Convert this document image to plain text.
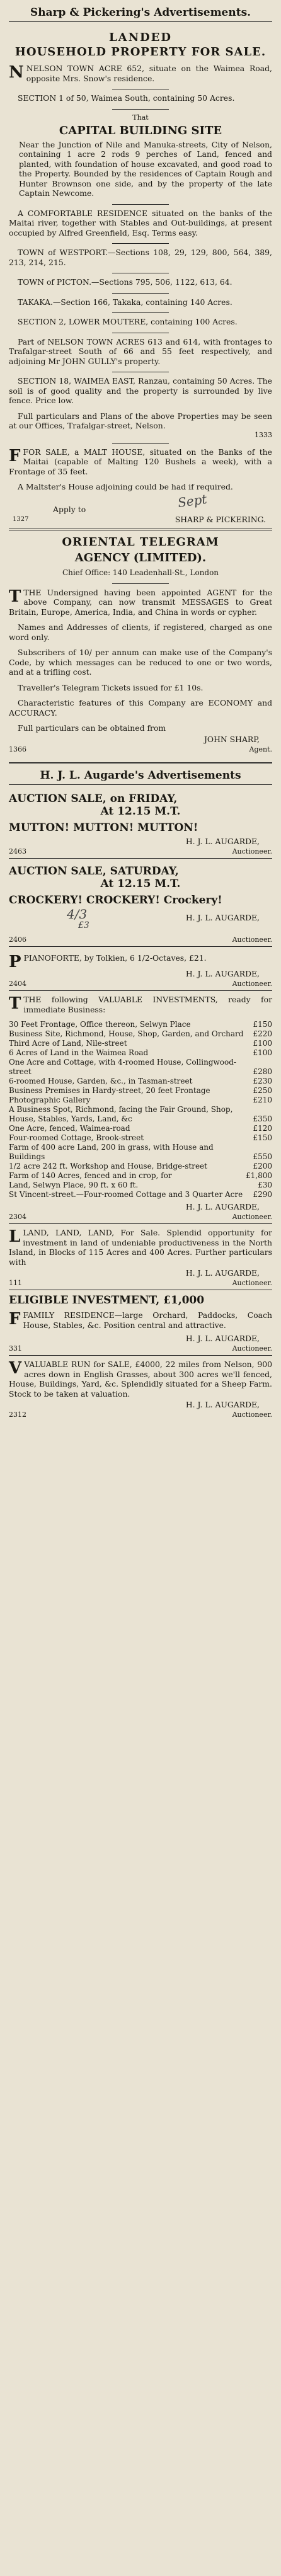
Sharp & Pickering's Advertisements.
LANDED
HOUSEHOLD PROPERTY FOR SALE.

NNELSON TOWN ACRE 652, situate on the Waimea Road, opposite Mrs. Snow's residence.

SECTION 1 of 50, Waimea South, containing 50 Acres.

That
CAPITAL BUILDING SITE

Near the Junction of Nile and Manuka-streets, City of Nelson, containing 1 acre 2 rods 9 perches of Land, fenced and planted, with foundation of house excavated, and good road to the Property. Bounded by the residences of Captain Rough and Hunter Brownson one side, and by the property of the late Captain Newcome.

A COMFORTABLE RESIDENCE situated on the banks of the Maitai river, together with Stables and Out-buildings, at present occupied by Alfred Greenfield, Esq. Terms easy.

TOWN of WESTPORT.—Sections 108, 29, 129, 800, 564, 389, 213, 214, 215.

TOWN of PICTON.—Sections 795, 506, 1122, 613, 64.

TAKAKA.—Section 166, Takaka, containing 140 Acres.

SECTION 2, LOWER MOUTERE, containing 100 Acres.

Part of NELSON TOWN ACRES 613 and 614, with frontages to Trafalgar-street South of 66 and 55 feet respectively, and adjoining Mr JOHN GULLY's property.

SECTION 18, WAIMEA EAST, Ranzau, containing 50 Acres. The soil is of good quality and the property is surrounded by live fence. Price low.

Full particulars and Plans of the above Properties may be seen at our Offices, Trafalgar-street, Nelson.

1333

FFOR SALE, a MALT HOUSE, situated on the Banks of the Maitai (capable of Malting 120 Bushels a week), with a Frontage of 35 feet.

A Maltster's House adjoining could be had if required.

Apply to	Sept
1327	SHARP & PICKERING.
ORIENTAL TELEGRAM
AGENCY (LIMITED).
Chief Office: 140 Leadenhall-St., London

TTHE Undersigned having been appointed AGENT for the above Company, can now transmit MESSAGES to Great Britain, Europe, America, India, and China in words or cypher.

Names and Addresses of clients, if registered, charged as one word only.

Subscribers of 10/ per annum can make use of the Company's Code, by which messages can be reduced to one or two words, and at a trifling cost.

Traveller's Telegram Tickets issued for £1 10s.

Characteristic features of this Company are ECONOMY and ACCURACY.

Full particulars can be obtained from

JOHN SHARP,
1366	Agent.
H. J. L. Augarde's Advertisements
AUCTION SALE, on FRIDAY,
At 12.15 M.T.
MUTTON! MUTTON! MUTTON!
H. J. L. AUGARDE,
2463	Auctioneer.
AUCTION SALE, SATURDAY,
At 12.15 M.T.
CROCKERY! CROCKERY! Crockery!
4/3
£3
H. J. L. AUGARDE,
2406	Auctioneer.

PPIANOFORTE, by Tolkien, 6 1/2-Octaves, £21.

H. J. L. AUGARDE,
2404	Auctioneer.

TTHE following VALUABLE INVESTMENTS, ready for immediate Business:

30 Feet Frontage, Office thereon, Selwyn Place	£150
Business Site, Richmond, House, Shop, Garden, and Orchard	£220
Third Acre of Land, Nile-street	£100
6 Acres of Land in the Waimea Road	£100
One Acre and Cottage, with 4-roomed House, Collingwood-street	£280
6-roomed House, Garden, &c., in Tasman-street	£230
Business Premises in Hardy-street, 20 feet Frontage	£250
Photographic Gallery	£210
A Business Spot, Richmond, facing the Fair Ground, Shop, House, Stables, Yards, Land, &c	£350
One Acre, fenced, Waimea-road	£120
Four-roomed Cottage, Brook-street	£150
Farm of 400 acre Land, 200 in grass, with House and Buildings	£550
1/2 acre 242 ft. Workshop and House, Bridge-street	£200
Farm of 140 Acres, fenced and in crop, for	£1,800
Land, Selwyn Place, 90 ft. x 60 ft.	£30
St Vincent-street.—Four-roomed Cottage and 3 Quarter Acre	£290
H. J. L. AUGARDE,
2304	Auctioneer.

LLAND, LAND, LAND, For Sale. Splendid opportunity for investment in land of undeniable productiveness in the North Island, in Blocks of 115 Acres and 400 Acres. Further particulars with

H. J. L. AUGARDE,
111	Auctioneer.
ELIGIBLE INVESTMENT, £1,000

FFAMILY RESIDENCE—large Orchard, Paddocks, Coach House, Stables, &c. Position central and attractive.

H. J. L. AUGARDE,
331	Auctioneer.

VVALUABLE RUN for SALE, £4000, 22 miles from Nelson, 900 acres down in English Grasses, about 300 acres we'll fenced, House, Buildings, Yard, &c. Splendidly situated for a Sheep Farm. Stock to be taken at valuation.

H. J. L. AUGARDE,
2312	Auctioneer.
